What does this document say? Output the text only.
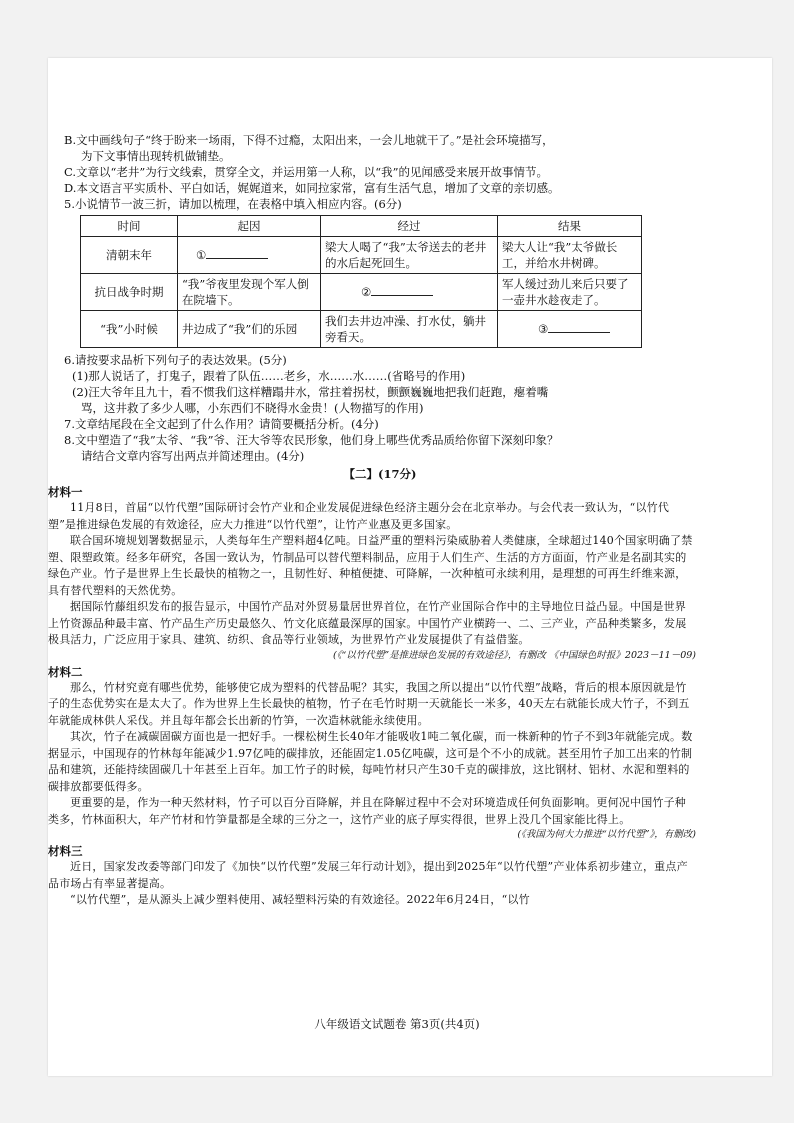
B.文中画线句子“终于盼来一场雨，下得不过瘾，太阳出来，一会儿地就干了。”是社会环境描写，

为下文事情出现转机做铺垫。

C.文章以“老井”为行文线索，贯穿全文，并运用第一人称，以“我”的见闻感受来展开故事情节。

D.本文语言平实质朴、平白如话，娓娓道来，如同拉家常，富有生活气息，增加了文章的亲切感。

5.小说情节一波三折，请加以梳理，在表格中填入相应内容。(6分)

时间	起因	经过	结果
清朝末年	①	梁大人喝了“我”太爷送去的老井的水后起死回生。	梁大人让“我”太爷做长工，并给水井树碑。
抗日战争时期	“我”爷夜里发现个军人倒在院墙下。	②	军人缓过劲儿来后只要了一壶井水趁夜走了。
“我”小时候	井边成了“我”们的乐园	我们去井边冲澡、打水仗，躺井旁看天。	③

6.请按要求品析下列句子的表达效果。(5分)

(1)那人说话了，打鬼子，跟着了队伍……老乡，水……水……(省略号的作用)

(2)汪大爷年且九十，看不惯我们这样糟蹋井水，常拄着拐杖，颤颤巍巍地把我们赶跑，瘪着嘴

骂，这井救了多少人哪，小东西们不晓得水金贵！(人物描写的作用)

7.文章结尾段在全文起到了什么作用？请简要概括分析。(4分)

8.文中塑造了“我”太爷、“我”爷、汪大爷等农民形象，他们身上哪些优秀品质给你留下深刻印象？

请结合文章内容写出两点并简述理由。(4分)

【二】(17分)

材料一

11月8日，首届“以竹代塑”国际研讨会竹产业和企业发展促进绿色经济主题分会在北京举办。与会代表一致认为，“以竹代塑”是推进绿色发展的有效途径，应大力推进“以竹代塑”，让竹产业惠及更多国家。

联合国环境规划署数据显示，人类每年生产塑料超4亿吨。日益严重的塑料污染威胁着人类健康，全球超过140个国家明确了禁塑、限塑政策。经多年研究，各国一致认为，竹制品可以替代塑料制品，应用于人们生产、生活的方方面面，竹产业是名副其实的绿色产业。竹子是世界上生长最快的植物之一，且韧性好、种植便捷、可降解，一次种植可永续利用，是理想的可再生纤维来源，具有替代塑料的天然优势。

据国际竹藤组织发布的报告显示，中国竹产品对外贸易量居世界首位，在竹产业国际合作中的主导地位日益凸显。中国是世界上竹资源品种最丰富、竹产品生产历史最悠久、竹文化底蕴最深厚的国家。中国竹产业横跨一、二、三产业，产品种类繁多，发展极具活力，广泛应用于家具、建筑、纺织、食品等行业领域，为世界竹产业发展提供了有益借鉴。

(《“以竹代塑”是推进绿色发展的有效途径》，有删改 《中国绿色时报》2023－11－09)

材料二

那么，竹材究竟有哪些优势，能够使它成为塑料的代替品呢？其实，我国之所以提出“以竹代塑”战略，背后的根本原因就是竹子的生态优势实在是太大了。作为世界上生长最快的植物，竹子在毛竹时期一天就能长一米多，40天左右就能长成大竹子，不到五年就能成林供人采伐。并且每年都会长出新的竹笋，一次造林就能永续使用。

其次，竹子在减碳固碳方面也是一把好手。一棵松树生长40年才能吸收1吨二氧化碳，而一株新种的竹子不到3年就能完成。数据显示，中国现存的竹林每年能减少1.97亿吨的碳排放，还能固定1.05亿吨碳，这可是个不小的成就。甚至用竹子加工出来的竹制品和建筑，还能持续固碳几十年甚至上百年。加工竹子的时候，每吨竹材只产生30千克的碳排放，这比钢材、铝材、水泥和塑料的碳排放都要低得多。

更重要的是，作为一种天然材料，竹子可以百分百降解，并且在降解过程中不会对环境造成任何负面影响。更何况中国竹子种类多，竹林面积大，年产竹材和竹笋量都是全球的三分之一，这竹产业的底子厚实得很，世界上没几个国家能比得上。

(《我国为何大力推进“以竹代塑”》，有删改)

材料三

近日，国家发改委等部门印发了《加快“以竹代塑”发展三年行动计划》，提出到2025年“以竹代塑”产业体系初步建立，重点产品市场占有率显著提高。

“以竹代塑”，是从源头上减少塑料使用、减轻塑料污染的有效途径。2022年6月24日，“以竹

八年级语文试题卷 第3页(共4页)
